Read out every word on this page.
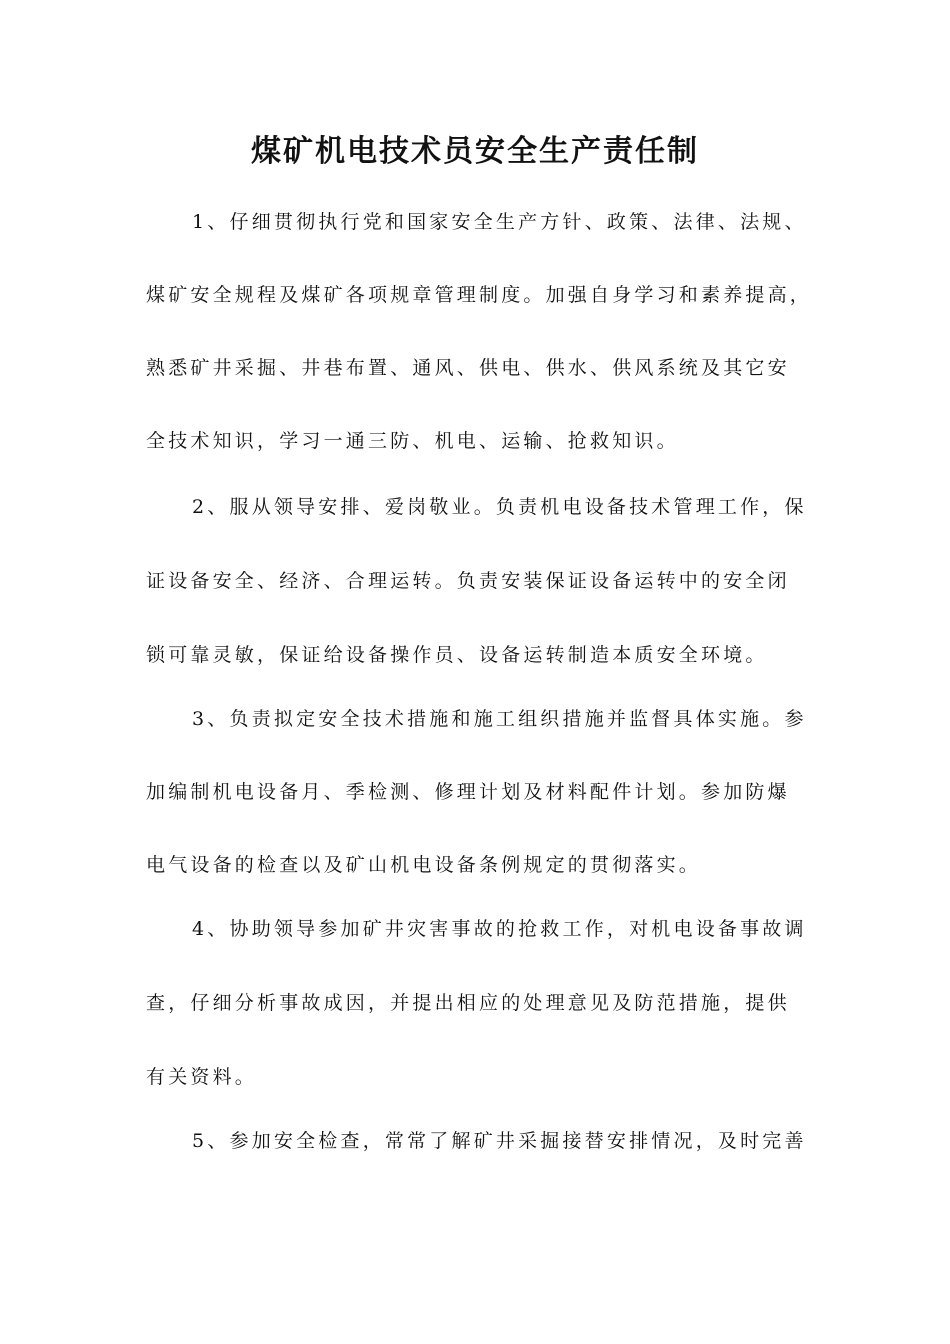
煤矿机电技术员安全生产责任制
1、仔细贯彻执行党和国家安全生产方针、政策、法律、法规、
煤矿安全规程及煤矿各项规章管理制度。加强自身学习和素养提高，
熟悉矿井采掘、井巷布置、通风、供电、供水、供风系统及其它安
全技术知识，学习一通三防、机电、运输、抢救知识。
2、服从领导安排、爱岗敬业。负责机电设备技术管理工作，保
证设备安全、经济、合理运转。负责安装保证设备运转中的安全闭
锁可靠灵敏，保证给设备操作员、设备运转制造本质安全环境。
3、负责拟定安全技术措施和施工组织措施并监督具体实施。参
加编制机电设备月、季检测、修理计划及材料配件计划。参加防爆
电气设备的检查以及矿山机电设备条例规定的贯彻落实。
4、协助领导参加矿井灾害事故的抢救工作，对机电设备事故调
查，仔细分析事故成因，并提出相应的处理意见及防范措施，提供
有关资料。
5、参加安全检查，常常了解矿井采掘接替安排情况，及时完善
